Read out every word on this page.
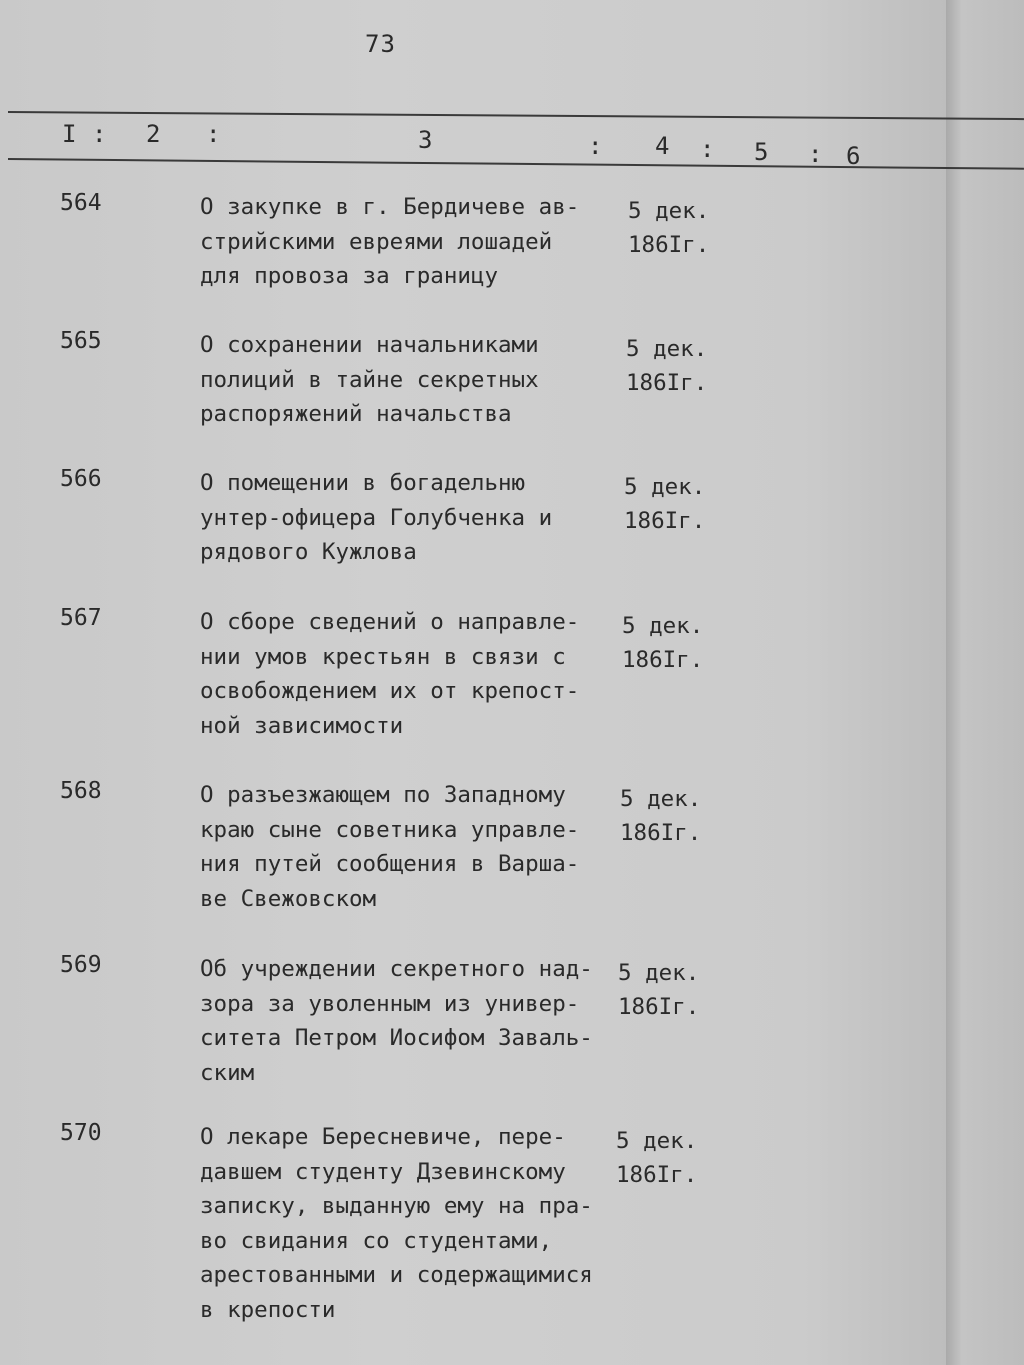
73
I : 2 :	3	: 4 : 5 : 6
564	О закупке в г. Бердичеве ав-
стрийскими евреями лошадей
для провоза за границу
5 дек.
186Iг.
565	О сохранении начальниками
полиций в тайне секретных
распоряжений начальства
5 дек.
186Iг.
566	О помещении в богадельню
унтер-офицера Голубченка и
рядового Кужлова
5 дек.
186Iг.
567	О сборе сведений о направле-
нии умов крестьян в связи с
освобождением их от крепост-
ной зависимости
5 дек.
186Iг.
568	О разъезжающем по Западному
краю сыне советника управле-
ния путей сообщения в Варша-
ве Свежовском
5 дек.
186Iг.
569	Об учреждении секретного над-
зора за уволенным из универ-
ситета Петром Иосифом Заваль-
ским
5 дек.
186Iг.
570	О лекаре Бересневиче, пере-
давшем студенту Дзевинскому
записку, выданную ему на пра-
во свидания со студентами,
арестованными и содержащимися
в крепости
5 дек.
186Iг.
